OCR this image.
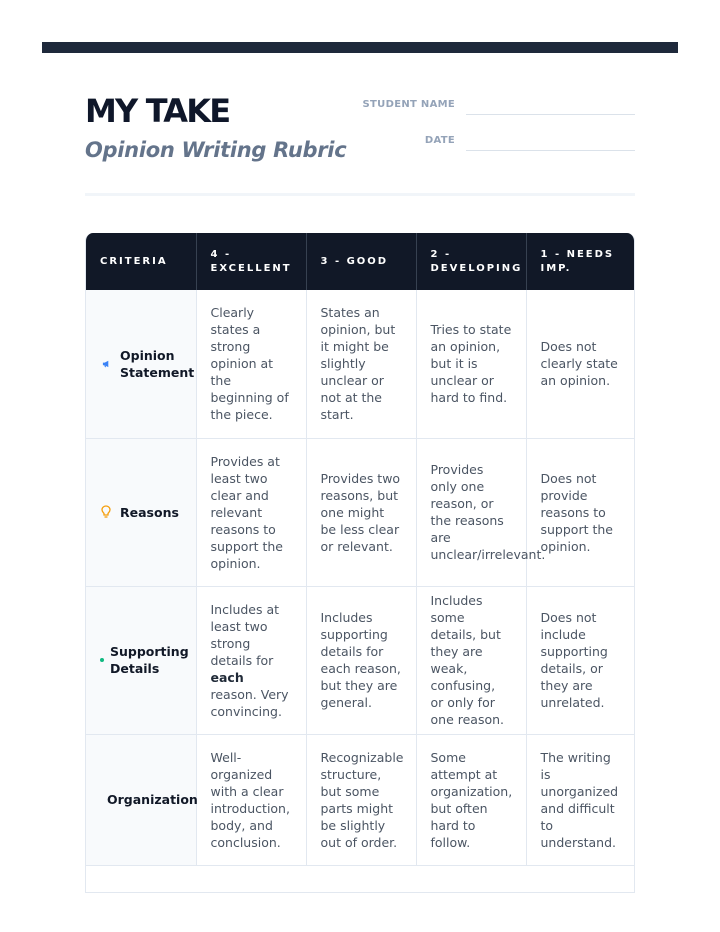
MY TAKE
Opinion Writing Rubric
STUDENT NAME
DATE
CRITERIA	4 - EXCELLENT	3 - GOOD	2 - DEVELOPING	1 - NEEDS IMP.

Opinion Statement	Clearly states a strong opinion at the beginning of the piece.	States an opinion, but it might be slightly unclear or not at the start.	Tries to state an opinion, but it is unclear or hard to find.	Does not clearly state an opinion.

Reasons	Provides at least two clear and relevant reasons to support the opinion.	Provides two reasons, but one might be less clear or relevant.	Provides only one reason, or the reasons are unclear/irrelevant.	Does not provide reasons to support the opinion.

Supporting Details	Includes at least two strong details for each reason. Very convincing.	Includes supporting details for each reason, but they are general.	Includes some details, but they are weak, confusing, or only for one reason.	Does not include supporting details, or they are unrelated.
Organization	Well-organized with a clear introduction, body, and conclusion.	Recognizable structure, but some parts might be slightly out of order.	Some attempt at organization, but often hard to follow.	The writing is unorganized and difficult to understand.
